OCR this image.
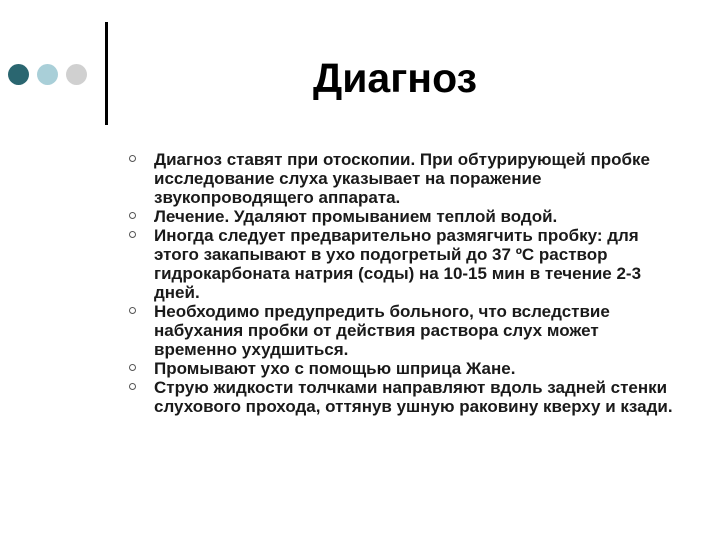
Диагноз
Диагноз ставят при отоскопии. При обтурирующей пробке исследование слуха указывает на поражение звукопроводящего аппарата.
Лечение. Удаляют промыванием теплой водой.
Иногда следует предварительно размягчить пробку: для этого закапывают в ухо подогретый до 37 ºС раствор гидрокарбоната натрия (соды) на 10-15 мин в течение 2-3 дней.
Необходимо предупредить больного, что вследствие набухания пробки от действия раствора слух может временно ухудшиться.
Промывают ухо с помощью шприца Жане.
Струю жидкости толчками направляют вдоль задней стенки слухового прохода, оттянув ушную раковину кверху и кзади.
